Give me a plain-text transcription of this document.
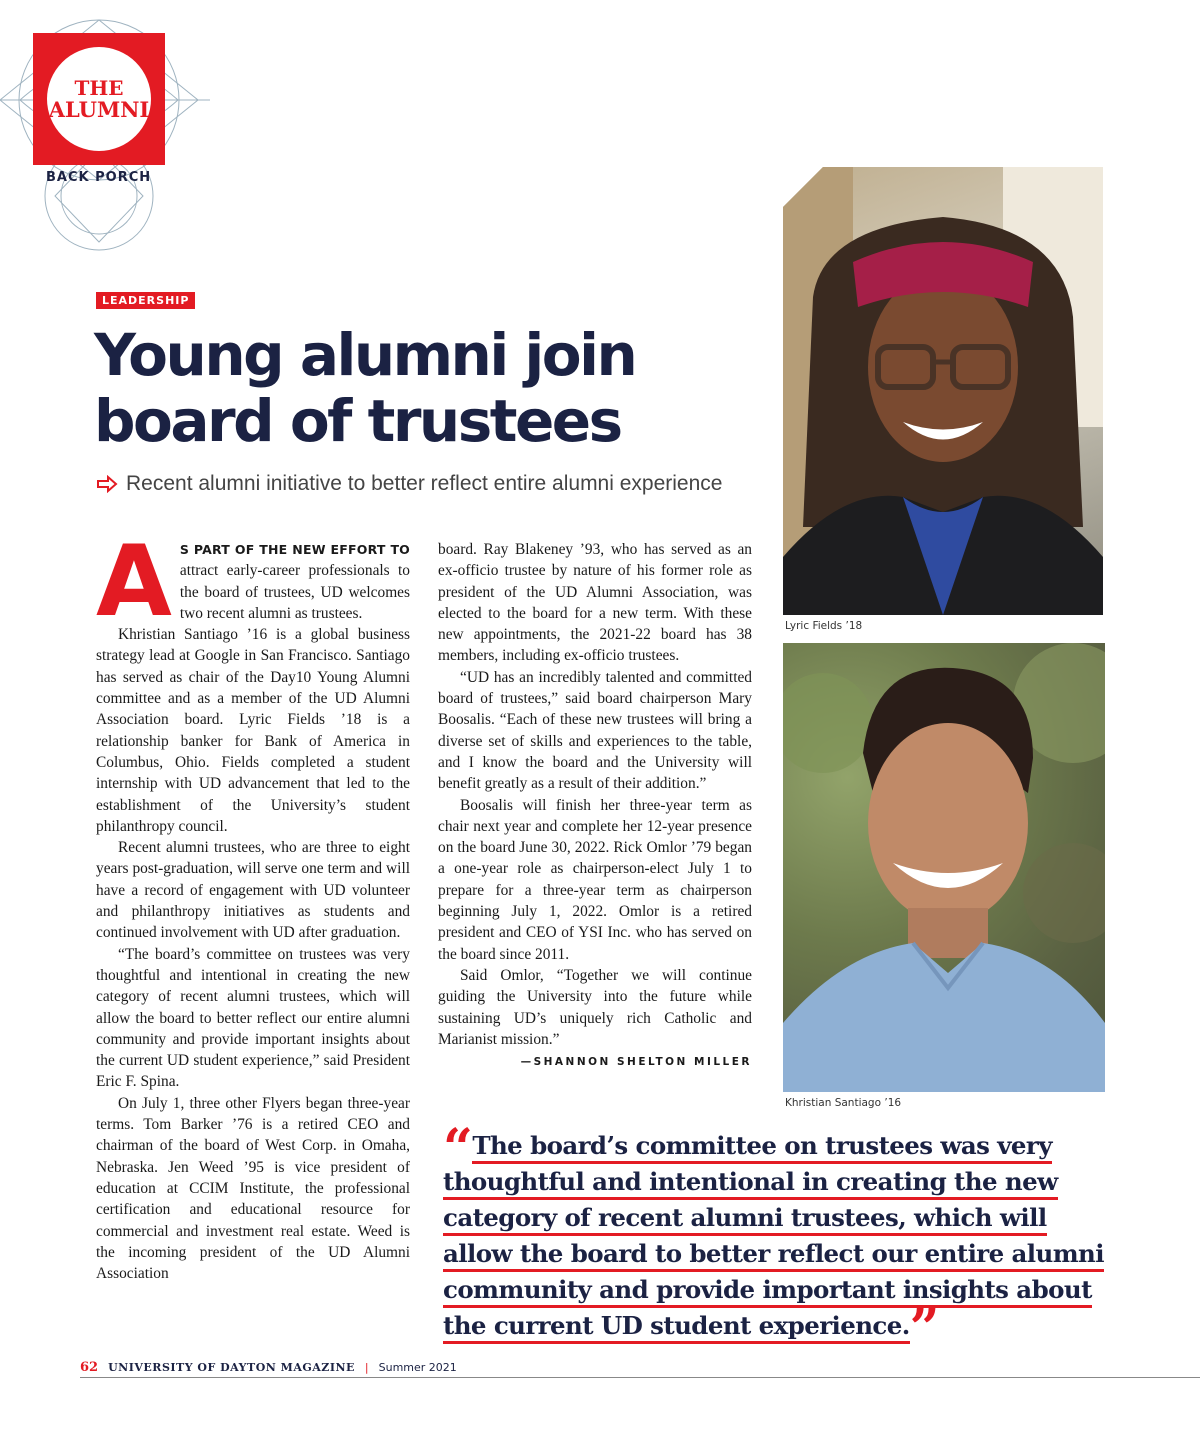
THE
ALUMNI
BACK PORCH
LEADERSHIP
Young alumni join
board of trustees
Recent alumni initiative to better reflect entire alumni experience

A S PART OF THE NEW EFFORT TO attract early-career professionals to the board of trustees, UD welcomes two recent alumni as trustees.

Khristian Santiago ’16 is a global business strategy lead at Google in San Francisco. Santiago has served as chair of the Day10 Young Alumni committee and as a member of the UD Alumni Association board. Lyric Fields ’18 is a relationship banker for Bank of America in Columbus, Ohio. Fields completed a student internship with UD advancement that led to the establishment of the University’s student philanthropy council.

Recent alumni trustees, who are three to eight years post-graduation, will serve one term and will have a record of engagement with UD volunteer and philanthropy initiatives as students and continued involvement with UD after graduation.

“The board’s committee on trustees was very thoughtful and intentional in creating the new category of recent alumni trustees, which will allow the board to better reflect our entire alumni community and provide important insights about the current UD student experience,” said President Eric F. Spina.

On July 1, three other Flyers began three-year terms. Tom Barker ’76 is a retired CEO and chairman of the board of West Corp. in Omaha, Nebraska. Jen Weed ’95 is vice president of education at CCIM Institute, the professional certification and educational resource for commercial and investment real estate. Weed is the incoming president of the UD Alumni Association

board. Ray Blakeney ’93, who has served as an ex-officio trustee by nature of his former role as president of the UD Alumni Association, was elected to the board for a new term. With these new appointments, the 2021-22 board has 38 members, including ex-officio trustees.

“UD has an incredibly talented and committed board of trustees,” said board chairperson Mary Boosalis. “Each of these new trustees will bring a diverse set of skills and experiences to the table, and I know the board and the University will benefit greatly as a result of their addition.”

Boosalis will finish her three-year term as chair next year and complete her 12-year presence on the board June 30, 2022. Rick Omlor ’79 began a one-year role as chairperson-elect July 1 to prepare for a three-year term as chairperson beginning July 1, 2022. Omlor is a retired president and CEO of YSI Inc. who has served on the board since 2011.

Said Omlor, “Together we will continue guiding the University into the future while sustaining UD’s uniquely rich Catholic and Marianist mission.”

—SHANNON SHELTON MILLER
Lyric Fields ’18
Khristian Santiago ’16
“The board’s committee on trustees was very
thoughtful and intentional in creating the new
category of recent alumni trustees, which will
allow the board to better reflect our entire alumni
community and provide important insights about
the current UD student experience.”
62 UNIVERSITY OF DAYTON MAGAZINE | Summer 2021
